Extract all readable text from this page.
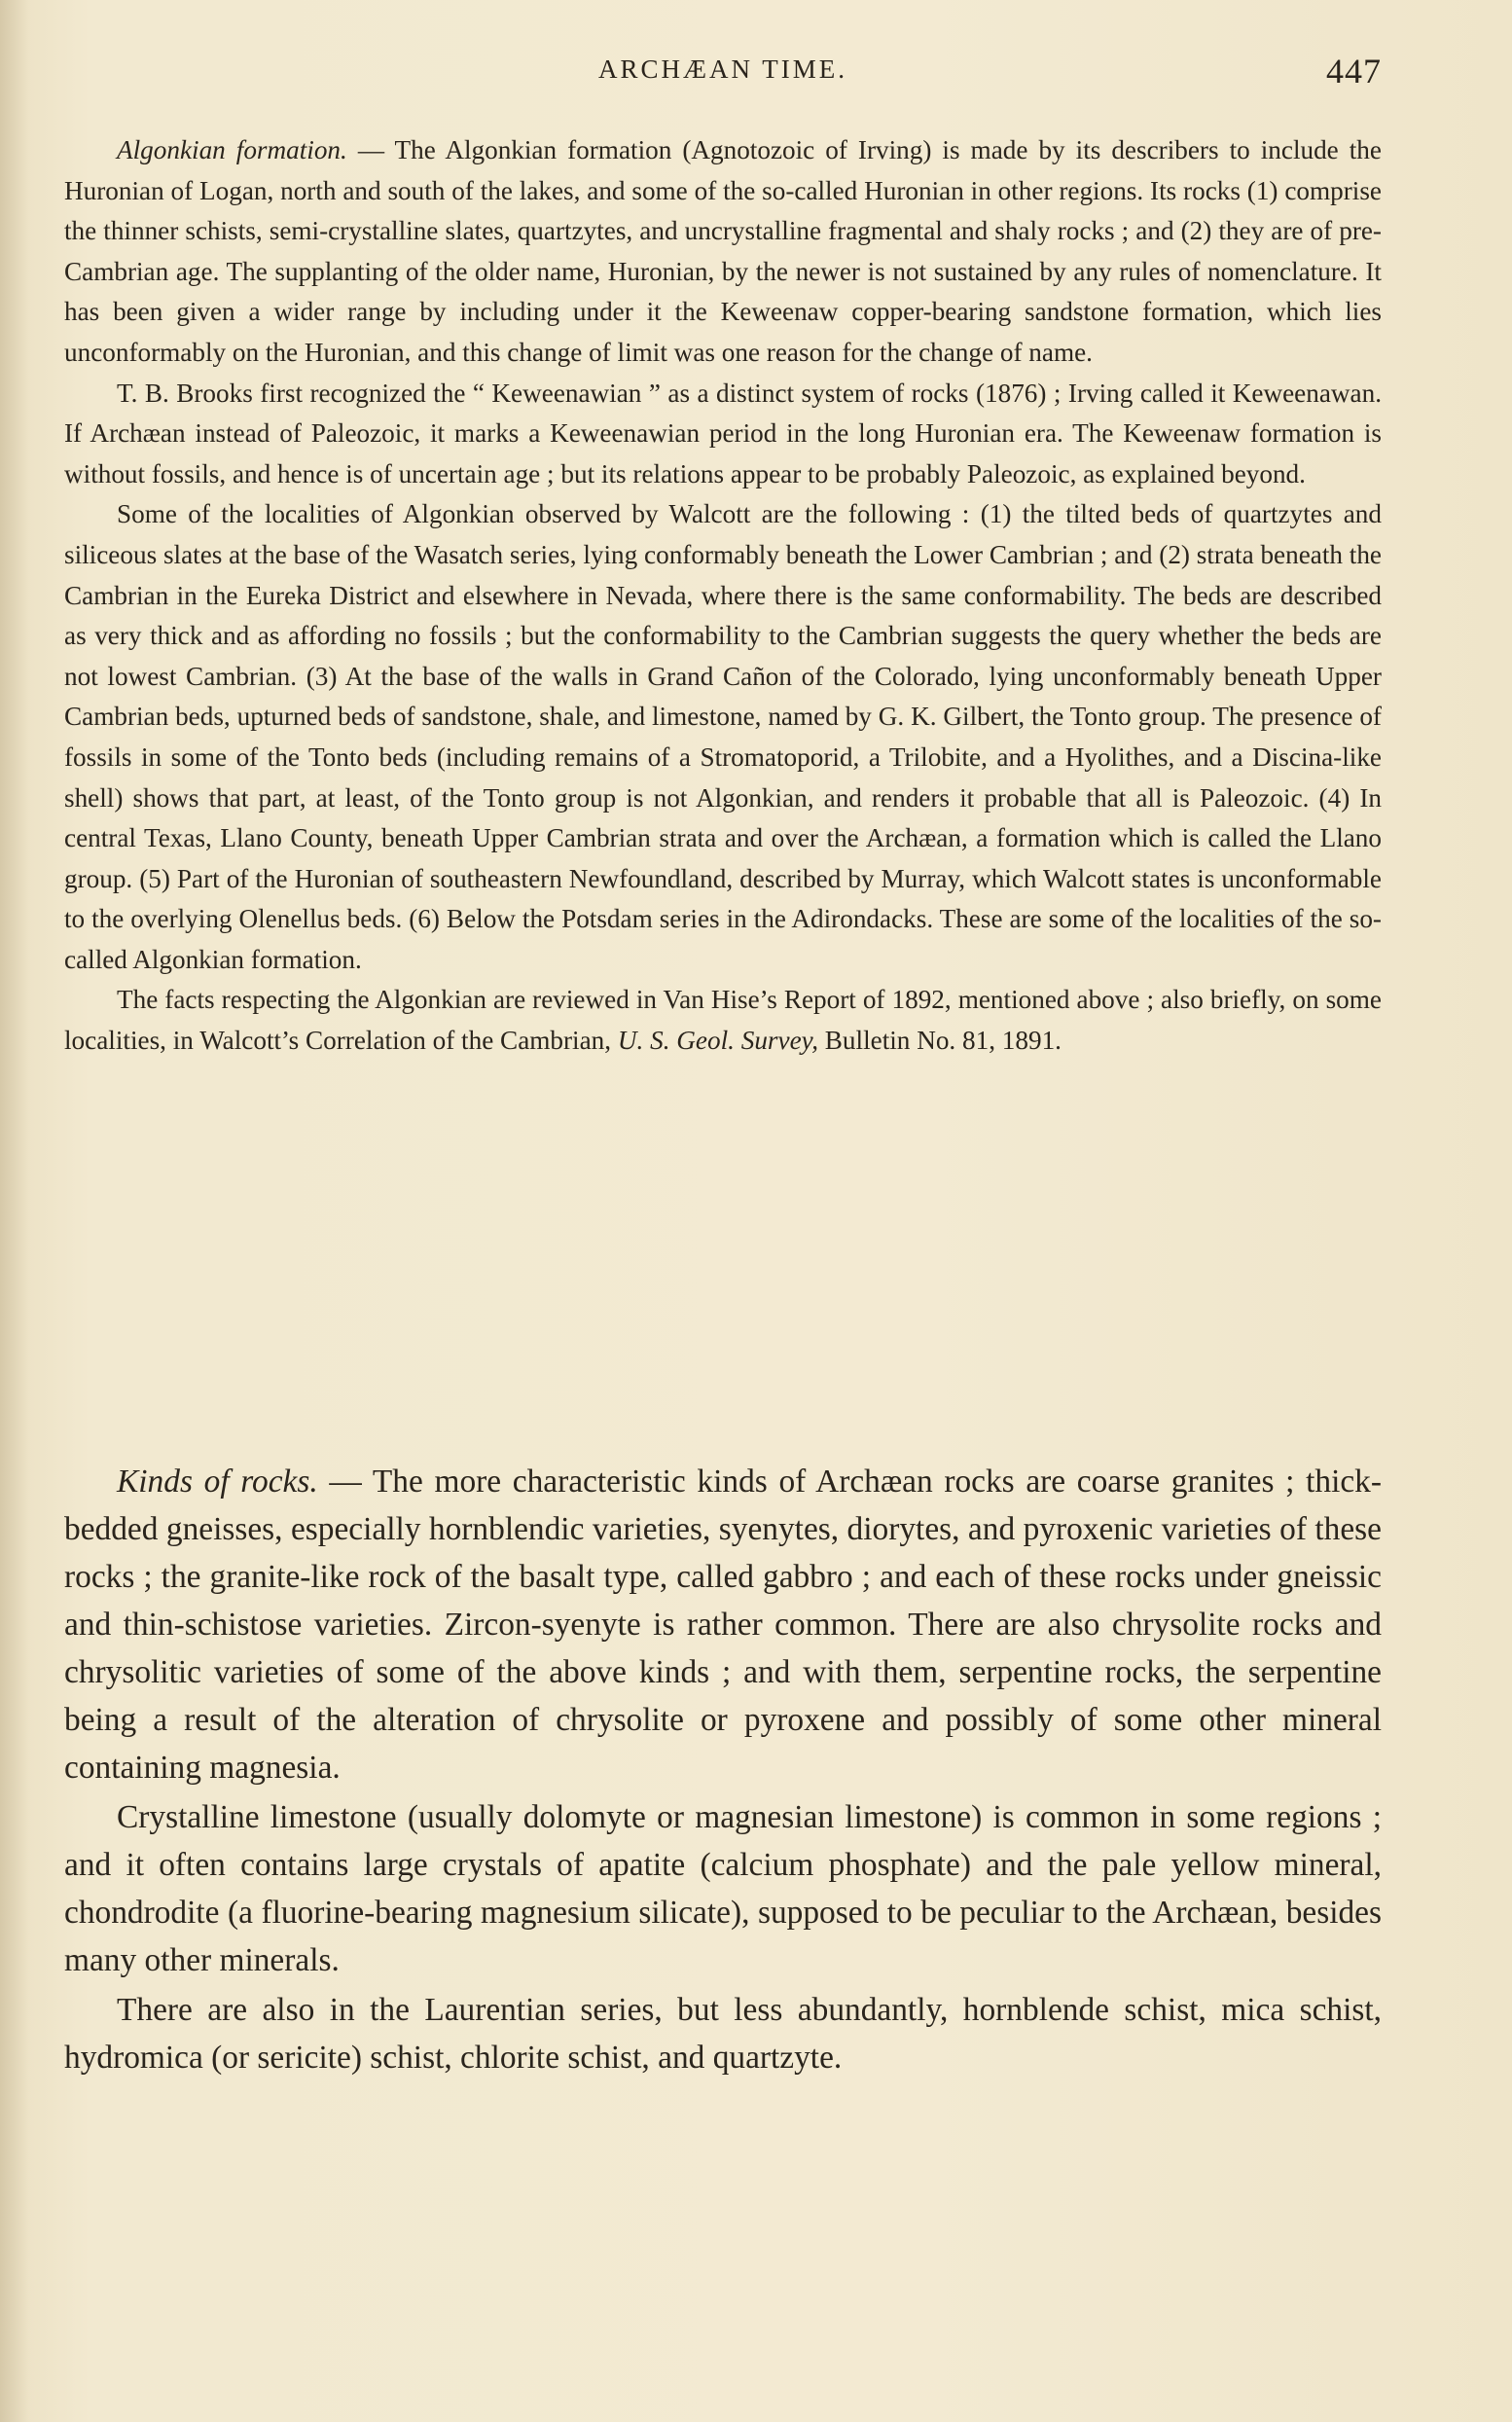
ARCHÆAN TIME.	447

Algonkian formation. — The Algonkian formation (Agnotozoic of Irving) is made by its describers to include the Huronian of Logan, north and south of the lakes, and some of the so-called Huronian in other regions. Its rocks (1) comprise the thinner schists, semi-crystalline slates, quartzytes, and uncrystalline fragmental and shaly rocks ; and (2) they are of pre-Cambrian age. The supplanting of the older name, Huronian, by the newer is not sustained by any rules of nomenclature. It has been given a wider range by including under it the Keweenaw copper-bearing sandstone formation, which lies unconformably on the Huronian, and this change of limit was one reason for the change of name.

T. B. Brooks first recognized the “ Keweenawian ” as a distinct system of rocks (1876) ; Irving called it Keweenawan. If Archæan instead of Paleozoic, it marks a Keweenawian period in the long Huronian era. The Keweenaw formation is without fossils, and hence is of uncertain age ; but its relations appear to be probably Paleozoic, as explained beyond.

Some of the localities of Algonkian observed by Walcott are the following : (1) the tilted beds of quartzytes and siliceous slates at the base of the Wasatch series, lying conformably beneath the Lower Cambrian ; and (2) strata beneath the Cambrian in the Eureka District and elsewhere in Nevada, where there is the same conformability. The beds are described as very thick and as affording no fossils ; but the conformability to the Cambrian suggests the query whether the beds are not lowest Cambrian. (3) At the base of the walls in Grand Cañon of the Colorado, lying unconformably beneath Upper Cambrian beds, upturned beds of sandstone, shale, and limestone, named by G. K. Gilbert, the Tonto group. The presence of fossils in some of the Tonto beds (including remains of a Stromatoporid, a Trilobite, and a Hyolithes, and a Discina-like shell) shows that part, at least, of the Tonto group is not Algonkian, and renders it probable that all is Paleozoic. (4) In central Texas, Llano County, beneath Upper Cambrian strata and over the Archæan, a formation which is called the Llano group. (5) Part of the Huronian of southeastern Newfoundland, described by Murray, which Walcott states is unconformable to the overlying Olenellus beds. (6) Below the Potsdam series in the Adirondacks. These are some of the localities of the so-called Algonkian formation.

The facts respecting the Algonkian are reviewed in Van Hise’s Report of 1892, mentioned above ; also briefly, on some localities, in Walcott’s Correlation of the Cambrian, U. S. Geol. Survey, Bulletin No. 81, 1891.

Kinds of rocks. — The more characteristic kinds of Archæan rocks are coarse granites ; thick-bedded gneisses, especially hornblendic varieties, syenytes, diorytes, and pyroxenic varieties of these rocks ; the granite-like rock of the basalt type, called gabbro ; and each of these rocks under gneissic and thin-schistose varieties. Zircon-syenyte is rather common. There are also chrysolite rocks and chrysolitic varieties of some of the above kinds ; and with them, serpentine rocks, the serpentine being a result of the alteration of chrysolite or pyroxene and possibly of some other mineral containing magnesia.

Crystalline limestone (usually dolomyte or magnesian limestone) is common in some regions ; and it often contains large crystals of apatite (calcium phosphate) and the pale yellow mineral, chondrodite (a fluorine-bearing magnesium silicate), supposed to be peculiar to the Archæan, besides many other minerals.

There are also in the Laurentian series, but less abundantly, hornblende schist, mica schist, hydromica (or sericite) schist, chlorite schist, and quartzyte.
